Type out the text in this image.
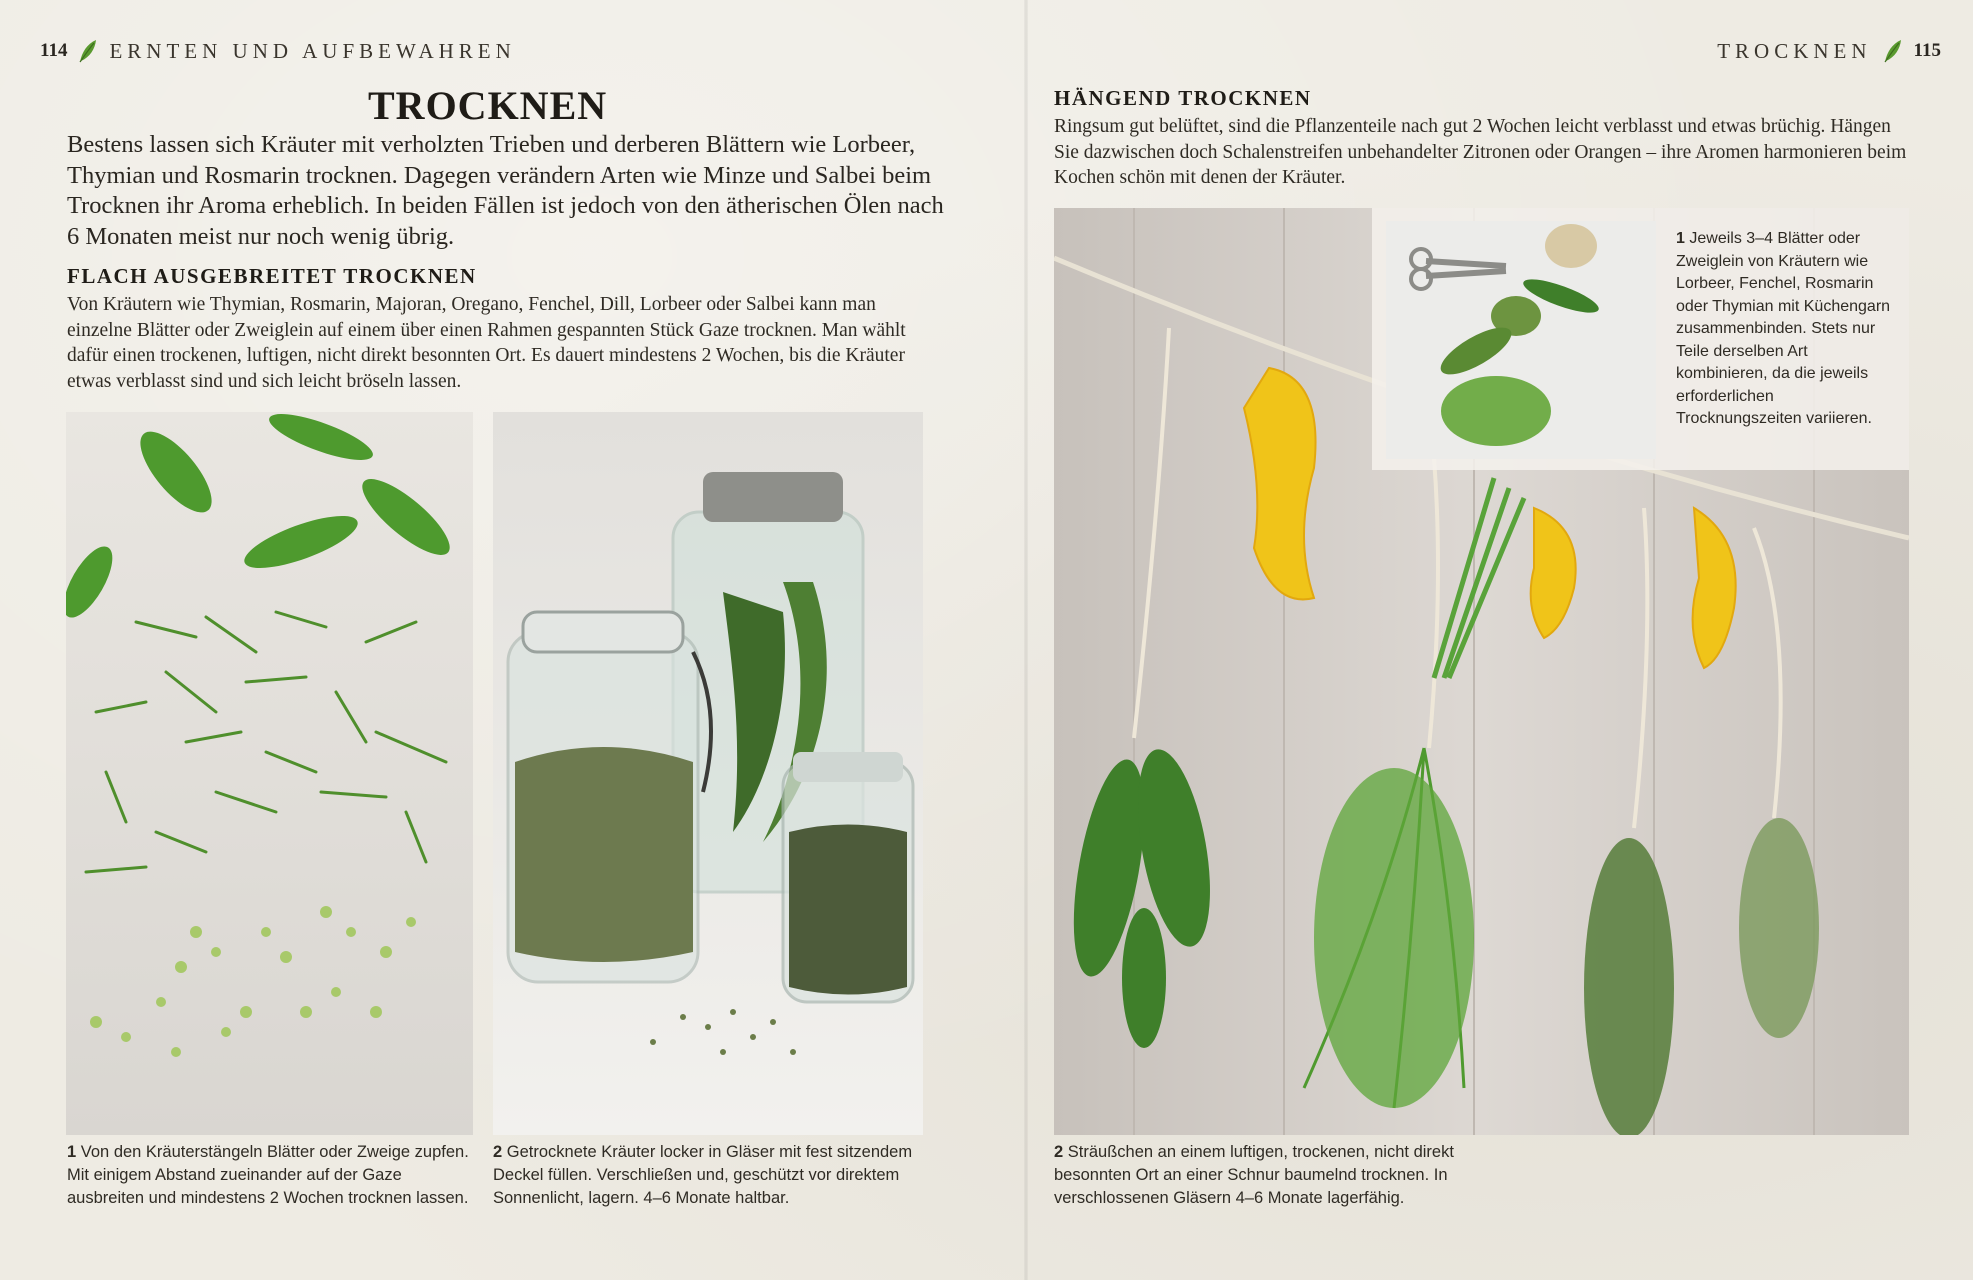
114 ERNTEN UND AUFBEWAHREN	TROCKNEN 115
TROCKNEN
Bestens lassen sich Kräuter mit verholzten Trieben und derberen Blättern wie Lorbeer, Thymian und Rosmarin trocknen. Dagegen verändern Arten wie Minze und Salbei beim Trocknen ihr Aroma erheblich. In beiden Fällen ist jedoch von den ätherischen Ölen nach 6 Monaten meist nur noch wenig übrig.
FLACH AUSGEBREITET TROCKNEN
Von Kräutern wie Thymian, Rosmarin, Majoran, Oregano, Fenchel, Dill, Lorbeer oder Salbei kann man einzelne Blätter oder Zweiglein auf einem über einen Rahmen gespannten Stück Gaze trocknen. Man wählt dafür einen trockenen, luftigen, nicht direkt besonnten Ort. Es dauert mindestens 2 Wochen, bis die Kräuter etwas verblasst sind und sich leicht bröseln lassen.
HÄNGEND TROCKNEN
Ringsum gut belüftet, sind die Pflanzenteile nach gut 2 Wochen leicht verblasst und etwas brüchig. Hängen Sie dazwischen doch Schalenstreifen unbehandelter Zitronen oder Orangen – ihre Aromen harmonieren beim Kochen schön mit denen der Kräuter.
1 Jeweils 3–4 Blätter oder Zweiglein von Kräutern wie Lorbeer, Fenchel, Rosmarin oder Thymian mit Küchengarn zusammenbinden. Stets nur Teile derselben Art kombinieren, da die jeweils erforderlichen Trocknungszeiten variieren.
1 Von den Kräuterstängeln Blätter oder Zweige zupfen. Mit einigem Abstand zueinander auf der Gaze ausbreiten und mindestens 2 Wochen trocknen lassen.
2 Getrocknete Kräuter locker in Gläser mit fest sitzendem Deckel füllen. Verschließen und, geschützt vor direktem Sonnenlicht, lagern. 4–6 Monate haltbar.
2 Sträußchen an einem luftigen, trockenen, nicht direkt besonnten Ort an einer Schnur baumelnd trocknen. In verschlossenen Gläsern 4–6 Monate lagerfähig.
